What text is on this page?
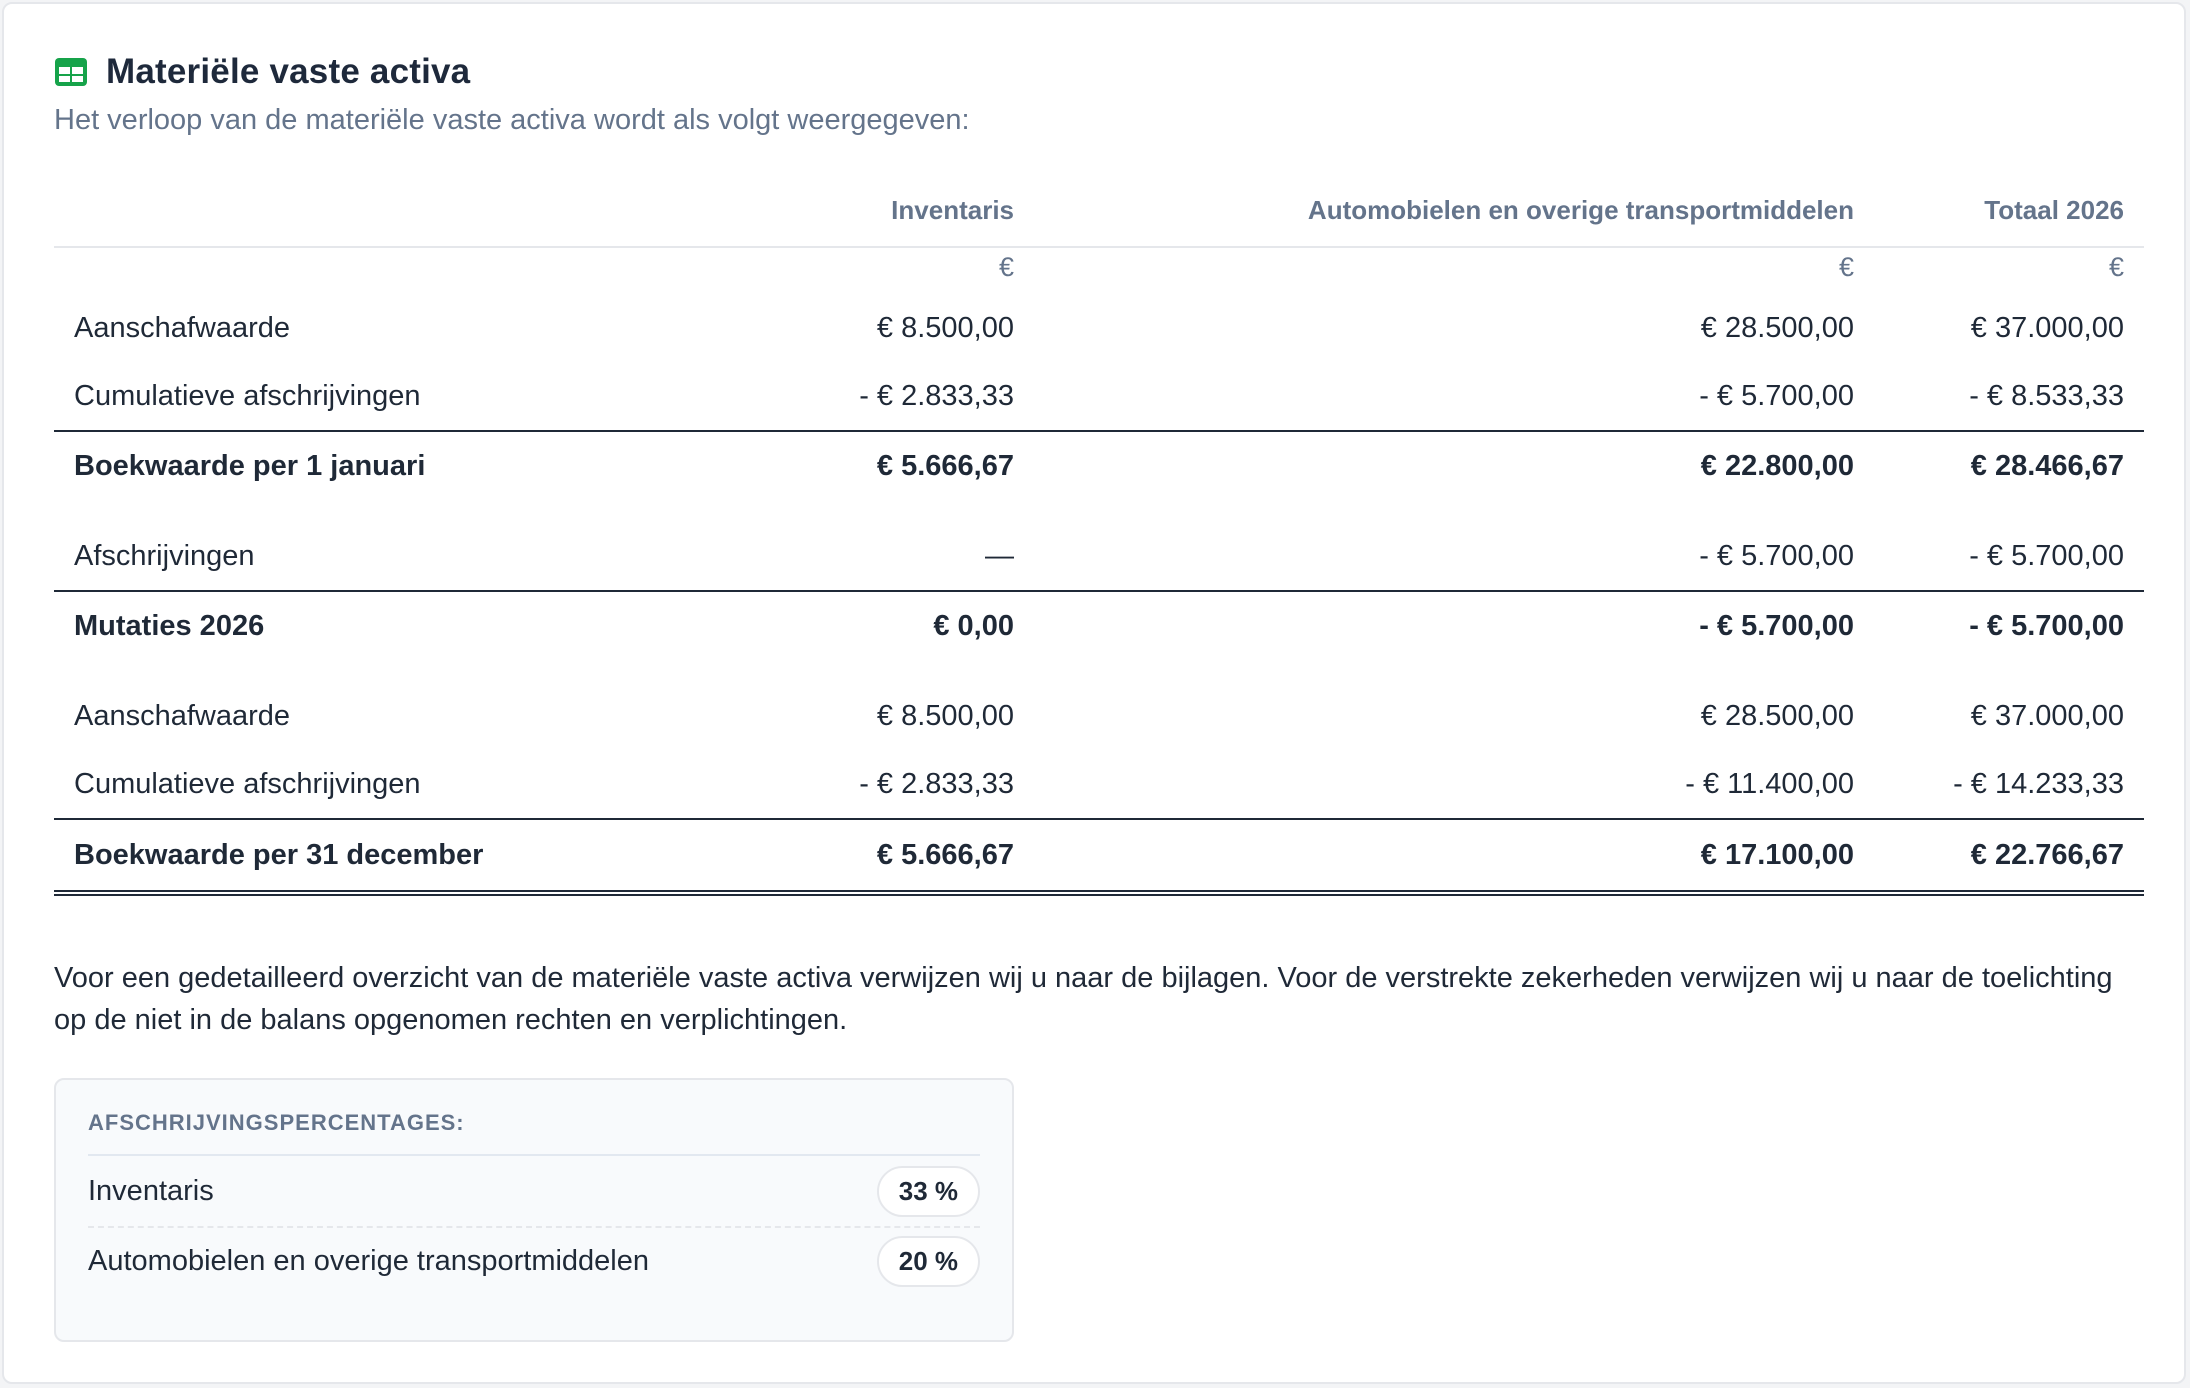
Materiële vaste activa
Het verloop van de materiële vaste activa wordt als volgt weergegeven:
	Inventaris	Automobielen en overige transportmiddelen	Totaal 2026
	€	€	€
Aanschafwaarde	€ 8.500,00	€ 28.500,00	€ 37.000,00
Cumulatieve afschrijvingen	- € 2.833,33	- € 5.700,00	- € 8.533,33
Boekwaarde per 1 januari	€ 5.666,67	€ 22.800,00	€ 28.466,67

Afschrijvingen	—	- € 5.700,00	- € 5.700,00
Mutaties 2026	€ 0,00	- € 5.700,00	- € 5.700,00

Aanschafwaarde	€ 8.500,00	€ 28.500,00	€ 37.000,00
Cumulatieve afschrijvingen	- € 2.833,33	- € 11.400,00	- € 14.233,33
Boekwaarde per 31 december	€ 5.666,67	€ 17.100,00	€ 22.766,67
Voor een gedetailleerd overzicht van de materiële vaste activa verwijzen wij u naar de bijlagen. Voor de verstrekte zekerheden verwijzen wij u naar de toelichting op de niet in de balans opgenomen rechten en verplichtingen.
AFSCHRIJVINGSPERCENTAGES:
Inventaris	33 %
Automobielen en overige transportmiddelen	20 %
